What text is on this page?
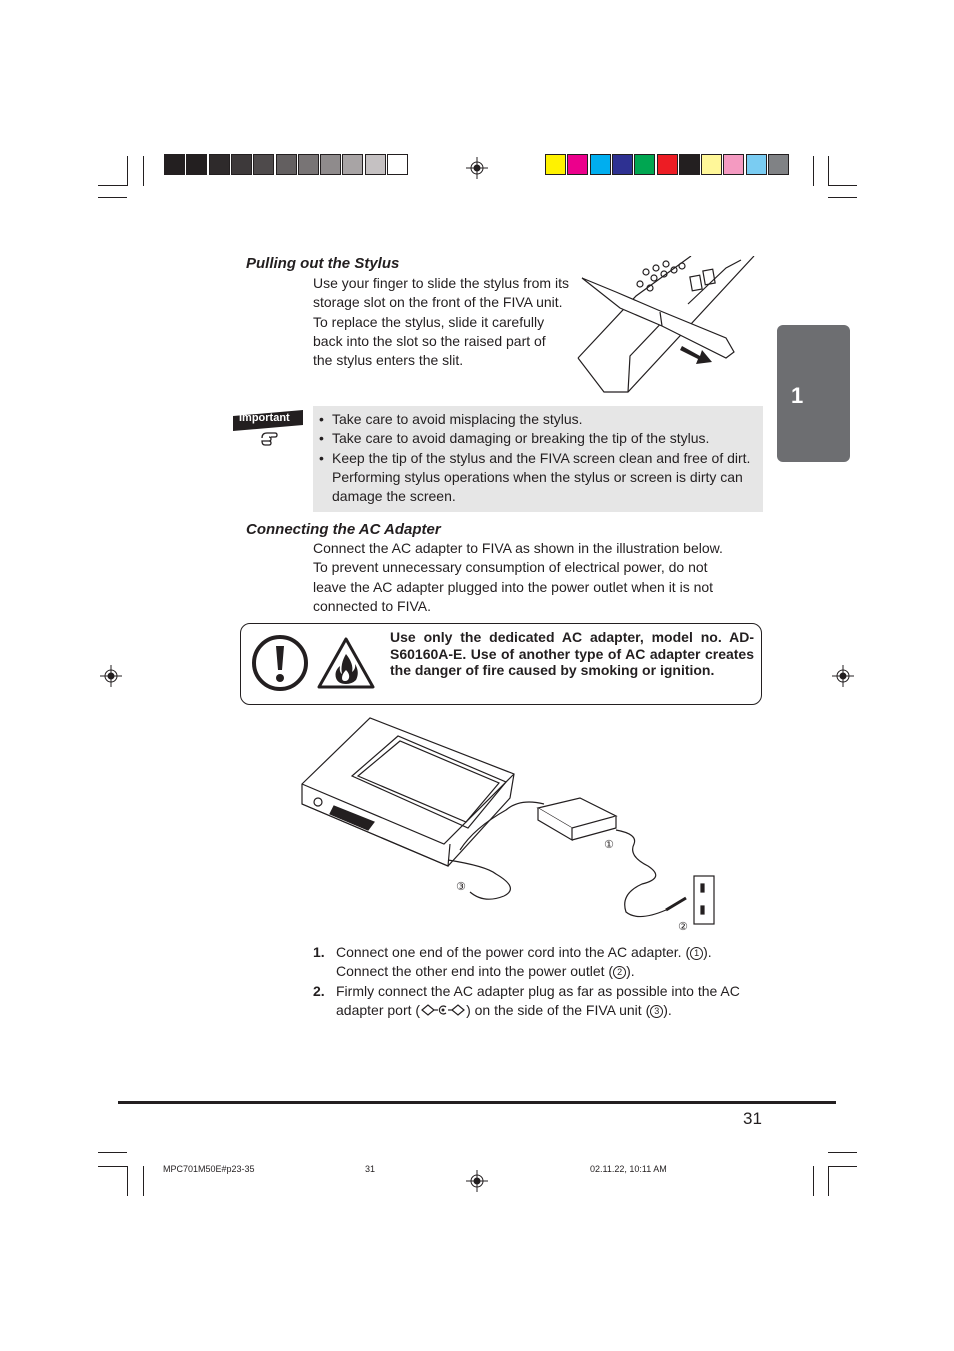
Pulling out the Stylus

Use your finger to slide the stylus from its

storage slot on the front of the FIVA unit.

To replace the stylus, slide it carefully

back into the slot so the raised part of

the stylus enters the slit.

Important
•	Take care to avoid misplacing the stylus.
• Take care to avoid damaging or breaking the tip of the stylus.
• Keep the tip of the stylus and the FIVA screen clean and free of dirt. Performing stylus operations when the stylus or screen is dirty can damage the screen.
Connecting the AC Adapter

Connect the AC adapter to FIVA as shown in the illustration below.

To prevent unnecessary consumption of electrical power, do not

leave the AC adapter plugged into the power outlet when it is not

connected to FIVA.

Use only the dedicated AC adapter, model no. AD-S60160A-E. Use of another type of AC adapter creates the danger of fire caused by smoking or ignition.
①
②
③
1. Connect one end of the power cord into the AC adapter. ( 1 ).
Connect the other end into the power outlet ( 2 ).
2. Firmly connect the AC adapter plug as far as possible into the AC adapter port (	) on the side of the FIVA unit ( 3 ).
1
31
MPC701M50E#p23-35	31	02.11.22, 10:11 AM
